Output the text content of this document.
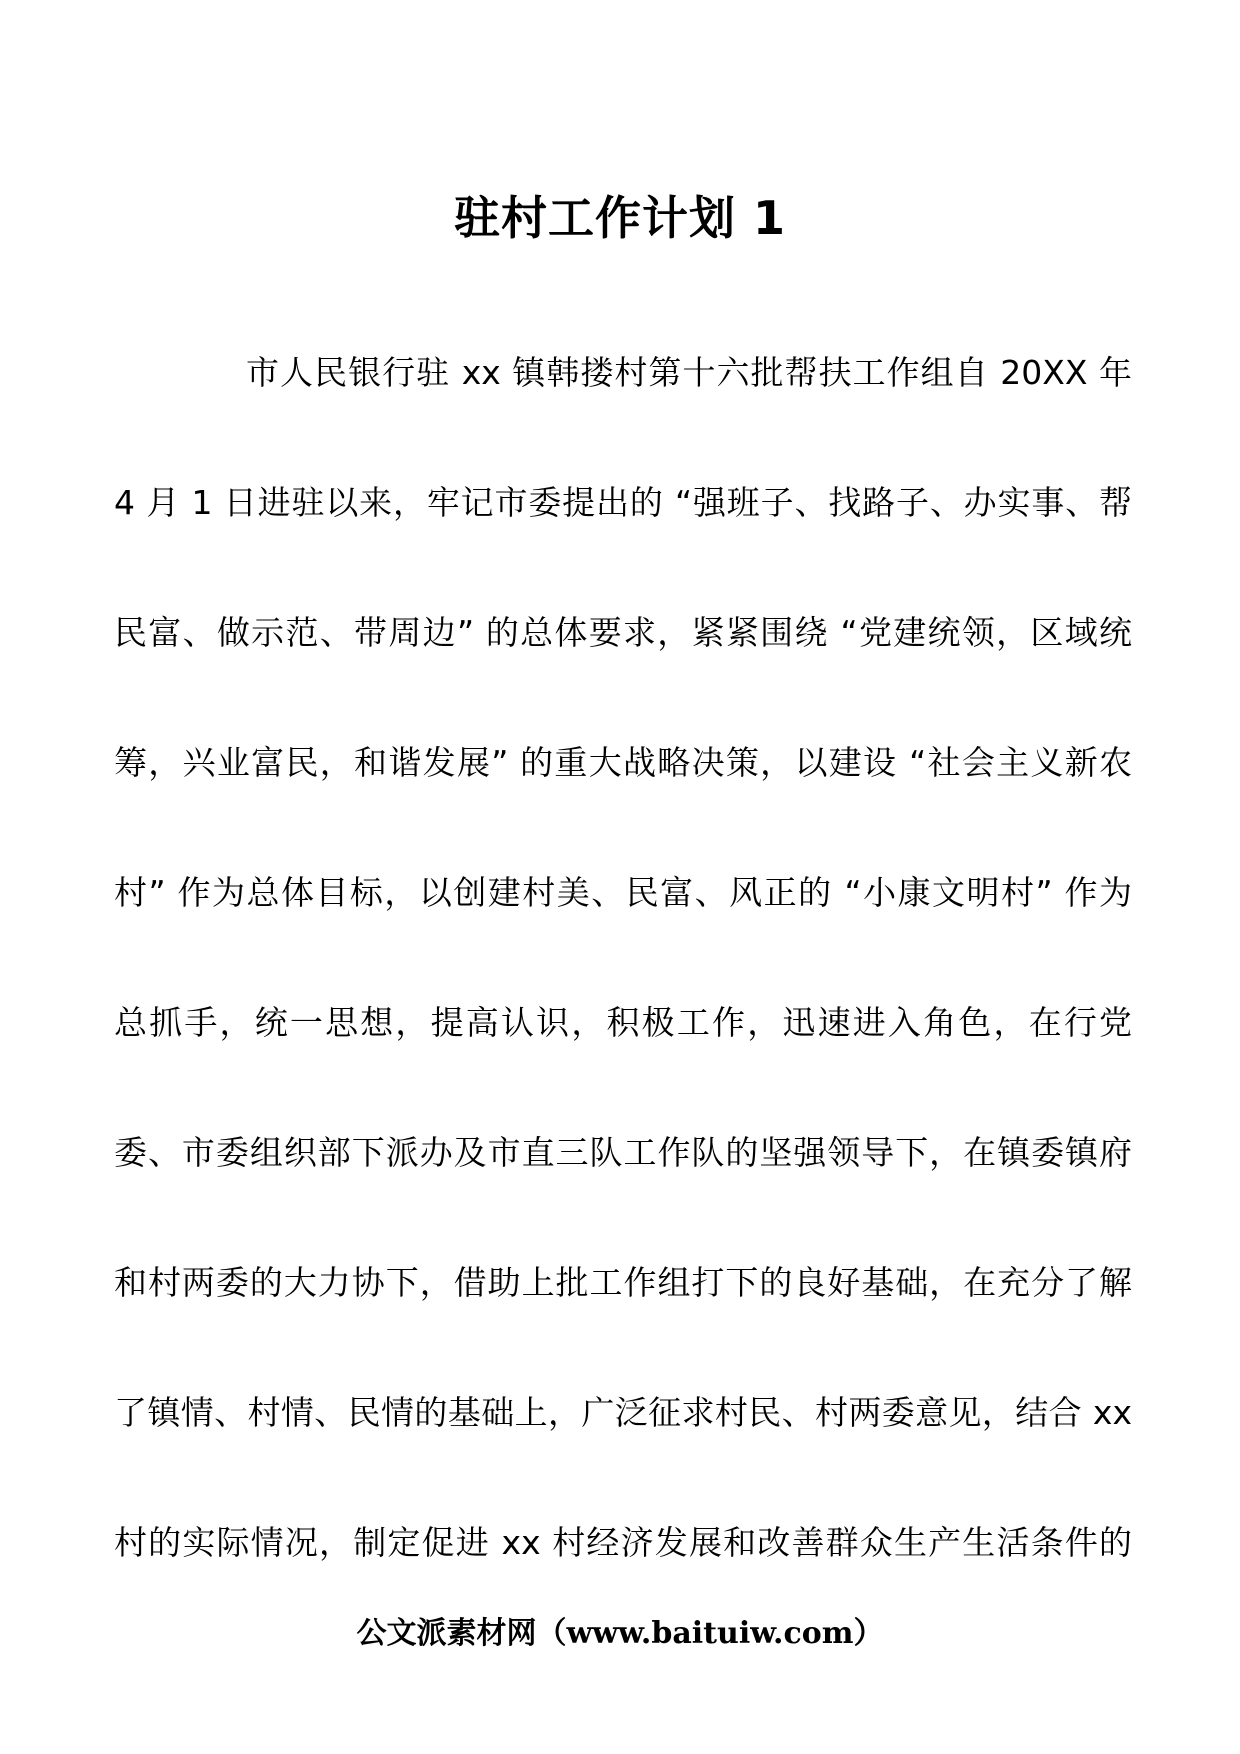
驻村工作计划 1
市人民银行驻 xx 镇韩搂村第十六批帮扶工作组自 20XX 年
4 月 1 日进驻以来，牢记市委提出的 “强班子、找路子、办实事、帮
民富、做示范、带周边” 的总体要求，紧紧围绕 “党建统领，区域统
筹，兴业富民，和谐发展” 的重大战略决策，以建设 “社会主义新农
村” 作为总体目标，以创建村美、民富、风正的 “小康文明村” 作为
总抓手，统一思想，提高认识，积极工作，迅速进入角色，在行党
委、市委组织部下派办及市直三队工作队的坚强领导下，在镇委镇府
和村两委的大力协下，借助上批工作组打下的良好基础，在充分了解
了镇情、村情、民情的基础上，广泛征求村民、村两委意见，结合 xx
村的实际情况，制定促进 xx 村经济发展和改善群众生产生活条件的
公文派素材网（www.baituiw.com）
